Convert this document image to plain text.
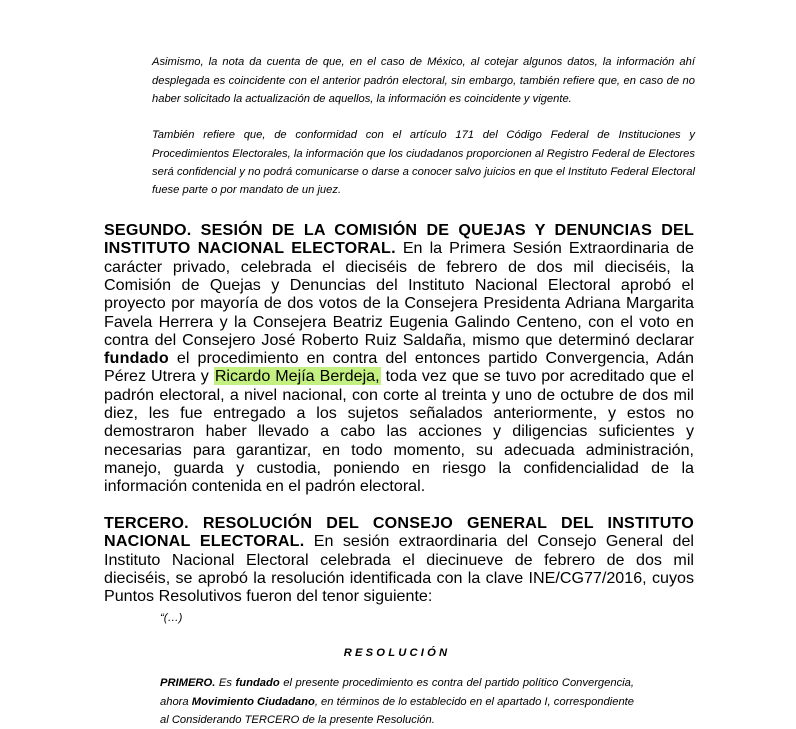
Asimismo, la nota da cuenta de que, en el caso de México, al cotejar algunos datos, la información ahí desplegada es coincidente con el anterior padrón electoral, sin embargo, también refiere que, en caso de no haber solicitado la actualización de aquellos, la información es coincidente y vigente.

También refiere que, de conformidad con el artículo 171 del Código Federal de Instituciones y Procedimientos Electorales, la información que los ciudadanos proporcionen al Registro Federal de Electores será confidencial y no podrá comunicarse o darse a conocer salvo juicios en que el Instituto Federal Electoral fuese parte o por mandato de un juez.

SEGUNDO. SESIÓN DE LA COMISIÓN DE QUEJAS Y DENUNCIAS DEL INSTITUTO NACIONAL ELECTORAL. En la Primera Sesión Extraordinaria de carácter privado, celebrada el dieciséis de febrero de dos mil dieciséis, la Comisión de Quejas y Denuncias del Instituto Nacional Electoral aprobó el proyecto por mayoría de dos votos de la Consejera Presidenta Adriana Margarita Favela Herrera y la Consejera Beatriz Eugenia Galindo Centeno, con el voto en contra del Consejero José Roberto Ruiz Saldaña, mismo que determinó declarar fundado el procedimiento en contra del entonces partido Convergencia, Adán Pérez Utrera y Ricardo Mejía Berdeja, toda vez que se tuvo por acreditado que el padrón electoral, a nivel nacional, con corte al treinta y uno de octubre de dos mil diez, les fue entregado a los sujetos señalados anteriormente, y estos no demostraron haber llevado a cabo las acciones y diligencias suficientes y necesarias para garantizar, en todo momento, su adecuada administración, manejo, guarda y custodia, poniendo en riesgo la confidencialidad de la información contenida en el padrón electoral.

TERCERO. RESOLUCIÓN DEL CONSEJO GENERAL DEL INSTITUTO NACIONAL ELECTORAL. En sesión extraordinaria del Consejo General del Instituto Nacional Electoral celebrada el diecinueve de febrero de dos mil dieciséis, se aprobó la resolución identificada con la clave INE/CG77/2016, cuyos Puntos Resolutivos fueron del tenor siguiente:

“(…)
RESOLUCIÓN

PRIMERO. Es fundado el presente procedimiento es contra del partido político Convergencia, ahora Movimiento Ciudadano, en términos de lo establecido en el apartado I, correspondiente al Considerando TERCERO de la presente Resolución.
